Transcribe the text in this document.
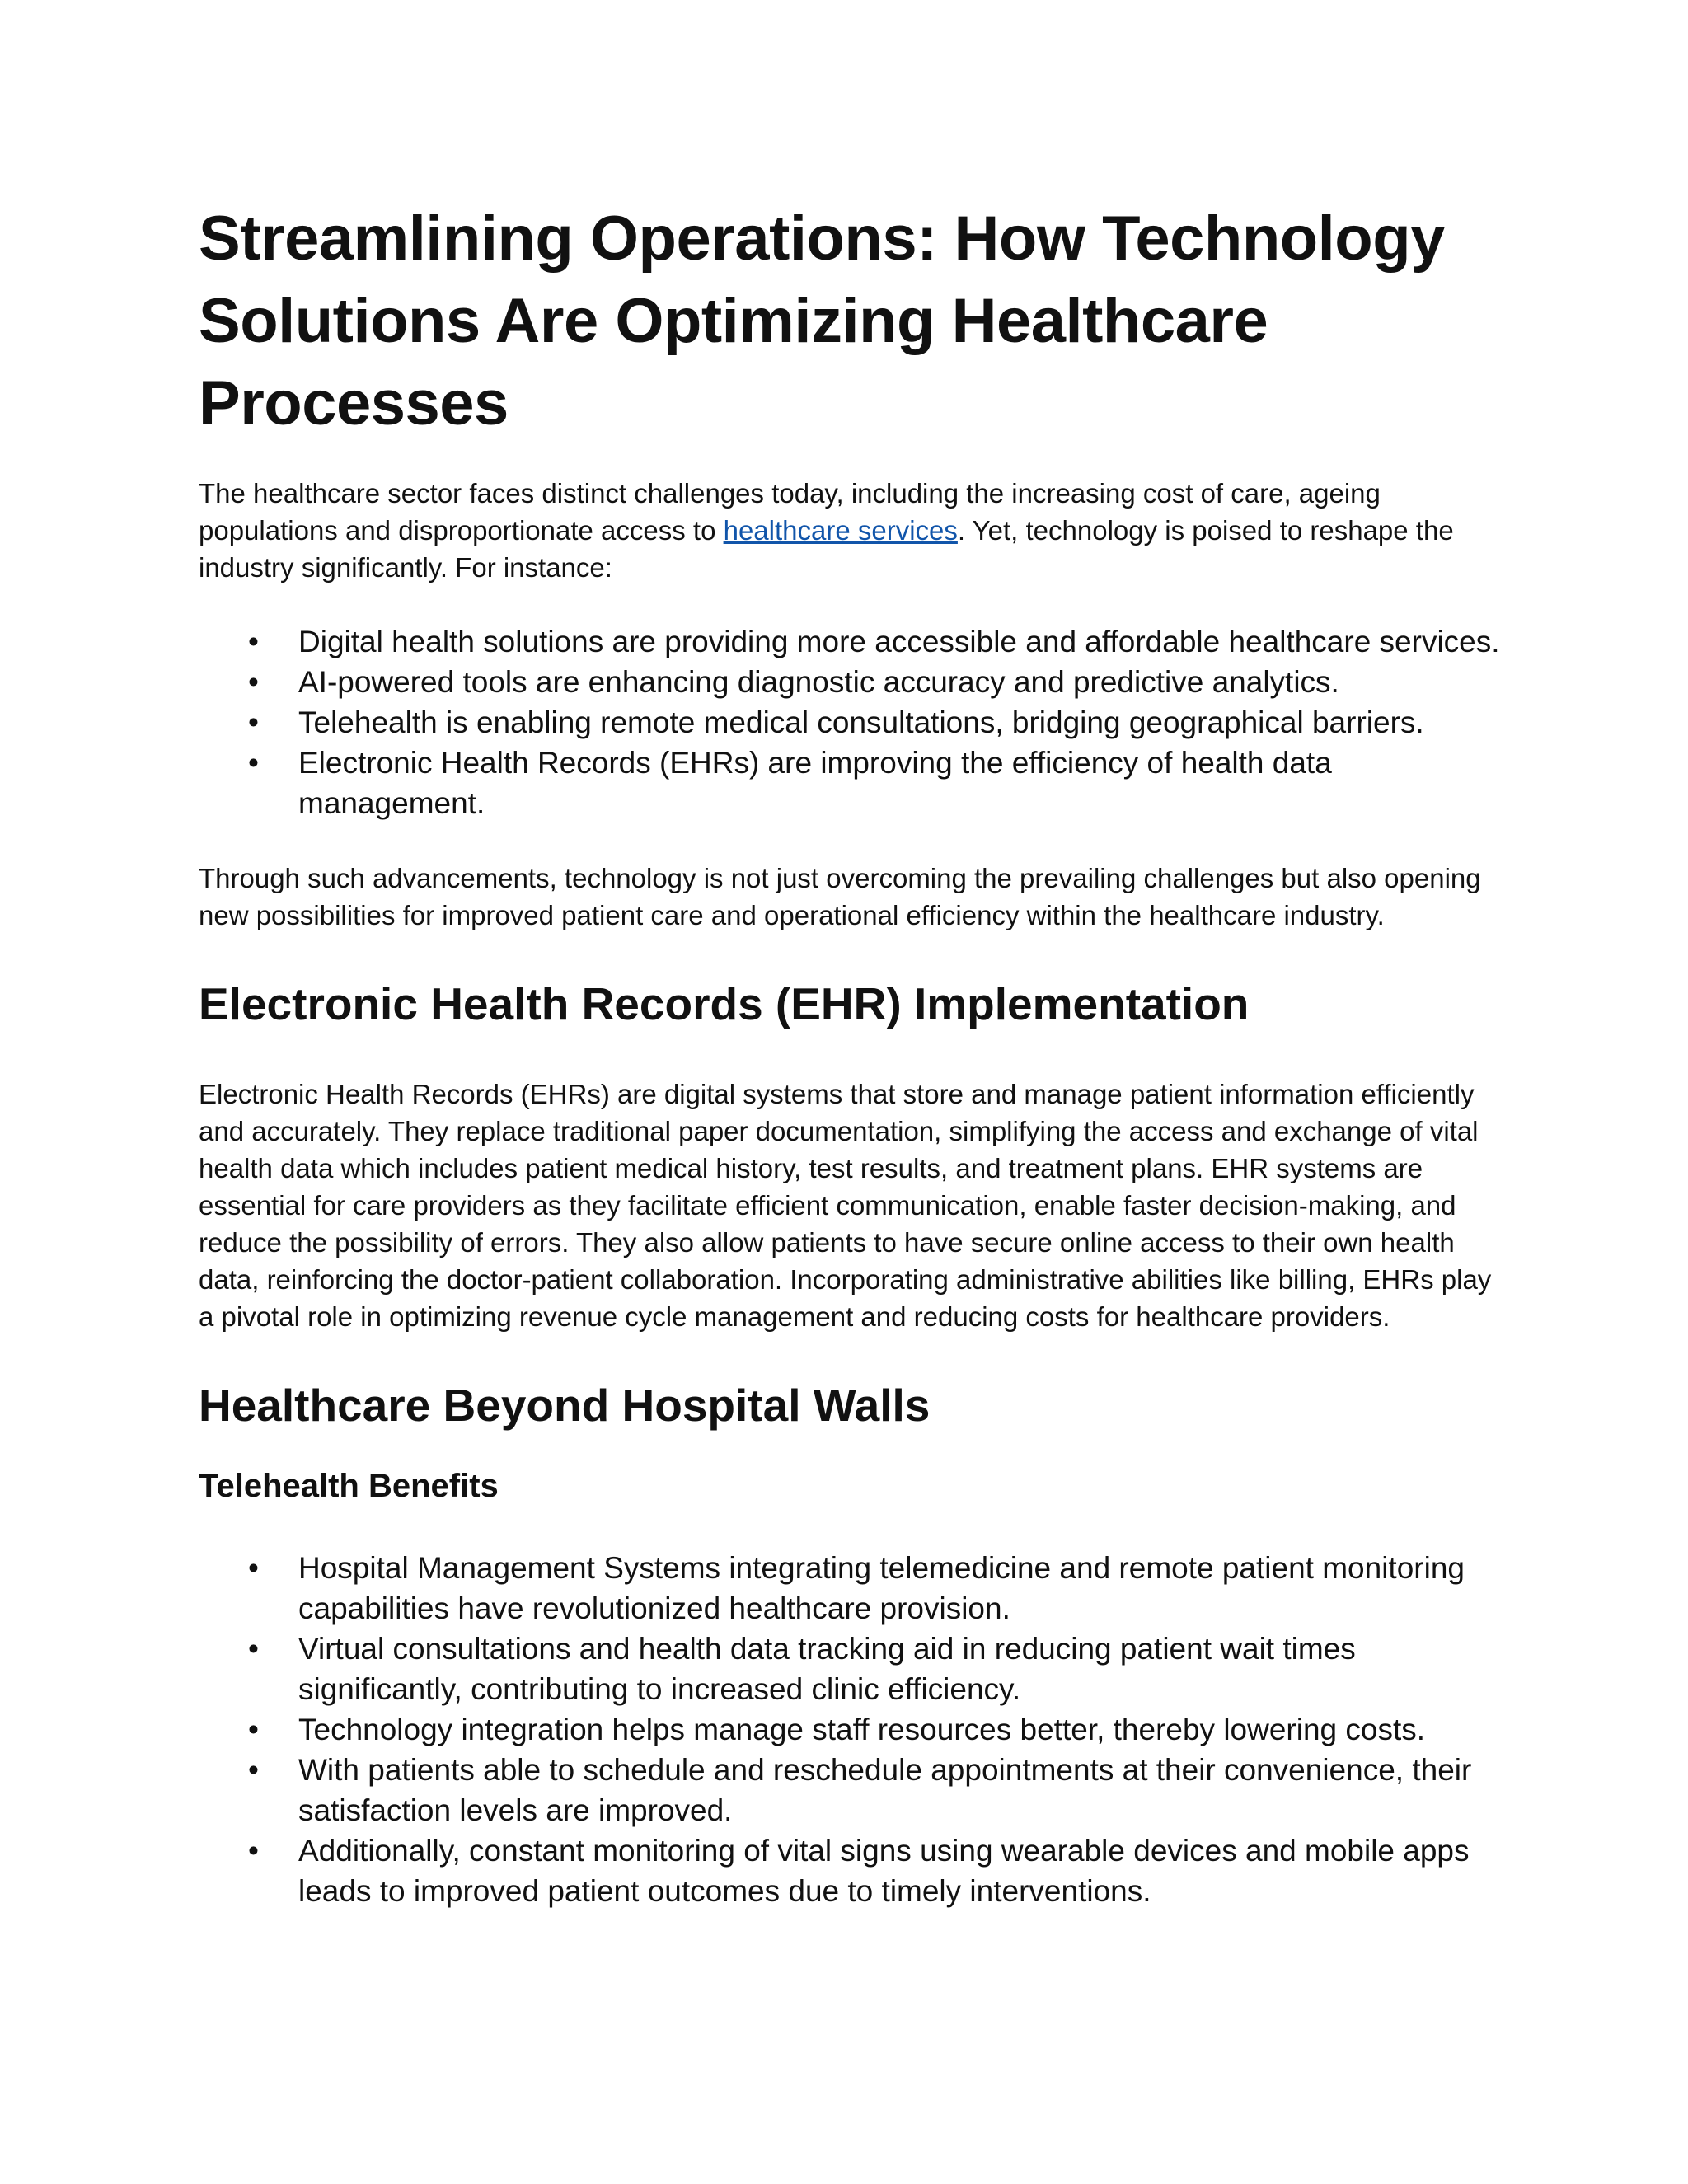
Streamlining Operations: How Technology Solutions Are Optimizing Healthcare Processes

The healthcare sector faces distinct challenges today, including the increasing cost of care, ageing populations and disproportionate access to healthcare services. Yet, technology is poised to reshape the industry significantly. For instance:

• Digital health solutions are providing more accessible and affordable healthcare services.
• AI-powered tools are enhancing diagnostic accuracy and predictive analytics.
• Telehealth is enabling remote medical consultations, bridging geographical barriers.
• Electronic Health Records (EHRs) are improving the efficiency of health data management.

Through such advancements, technology is not just overcoming the prevailing challenges but also opening new possibilities for improved patient care and operational efficiency within the healthcare industry.

Electronic Health Records (EHR) Implementation

Electronic Health Records (EHRs) are digital systems that store and manage patient information efficiently and accurately. They replace traditional paper documentation, simplifying the access and exchange of vital health data which includes patient medical history, test results, and treatment plans. EHR systems are essential for care providers as they facilitate efficient communication, enable faster decision-making, and reduce the possibility of errors. They also allow patients to have secure online access to their own health data, reinforcing the doctor-patient collaboration. Incorporating administrative abilities like billing, EHRs play a pivotal role in optimizing revenue cycle management and reducing costs for healthcare providers.

Healthcare Beyond Hospital Walls
Telehealth Benefits
• Hospital Management Systems integrating telemedicine and remote patient monitoring capabilities have revolutionized healthcare provision.
• Virtual consultations and health data tracking aid in reducing patient wait times significantly, contributing to increased clinic efficiency.
• Technology integration helps manage staff resources better, thereby lowering costs.
• With patients able to schedule and reschedule appointments at their convenience, their satisfaction levels are improved.
• Additionally, constant monitoring of vital signs using wearable devices and mobile apps leads to improved patient outcomes due to timely interventions.
